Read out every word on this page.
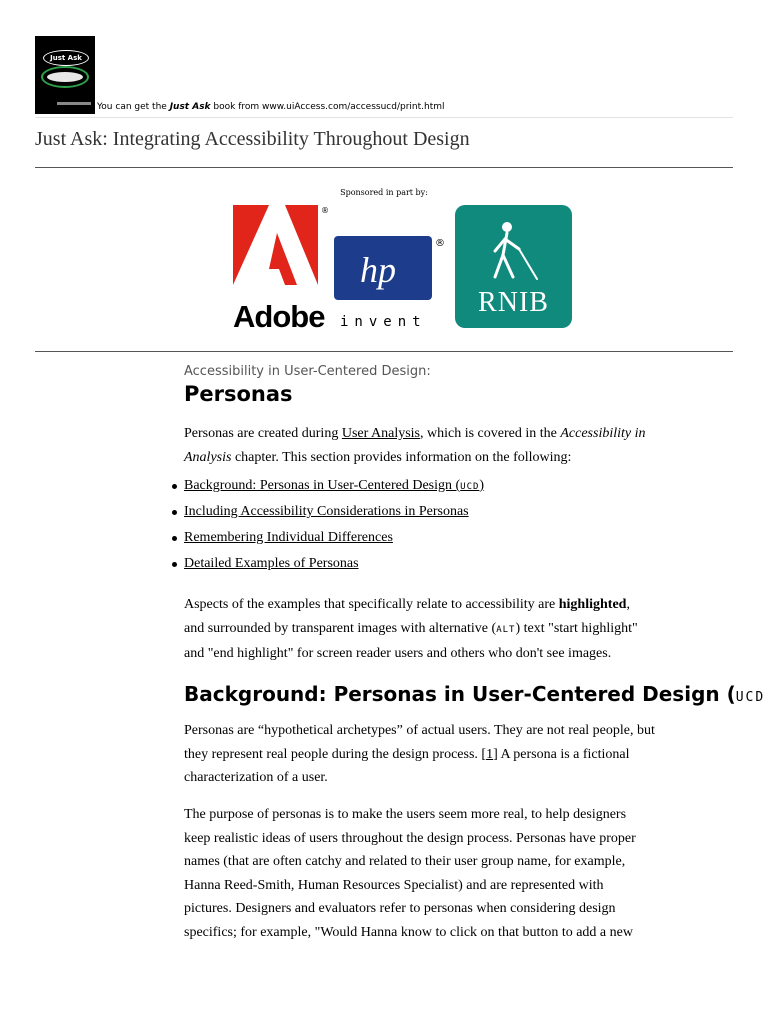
Just Ask
You can get the Just Ask book from www.uiAccess.com/accessucd/print.html
Just Ask: Integrating Accessibility Throughout Design
Sponsored in part by:
®
Adobe
hp
®
invent
RNIB
Accessibility in User-Centered Design:
Personas
Personas are created during User Analysis, which is covered in the Accessibility in
Analysis chapter. This section provides information on the following:
Background: Personas in User-Centered Design (UCD)
Including Accessibility Considerations in Personas
Remembering Individual Differences
Detailed Examples of Personas
Aspects of the examples that specifically relate to accessibility are highlighted,
and surrounded by transparent images with alternative (ALT) text "start highlight"
and "end highlight" for screen reader users and others who don't see images.
Background: Personas in User-Centered Design (UCD
Personas are “hypothetical archetypes” of actual users. They are not real people, but
they represent real people during the design process. [1] A persona is a fictional
characterization of a user.
The purpose of personas is to make the users seem more real, to help designers
keep realistic ideas of users throughout the design process. Personas have proper
names (that are often catchy and related to their user group name, for example,
Hanna Reed-Smith, Human Resources Specialist) and are represented with
pictures. Designers and evaluators refer to personas when considering design
specifics; for example, "Would Hanna know to click on that button to add a new
